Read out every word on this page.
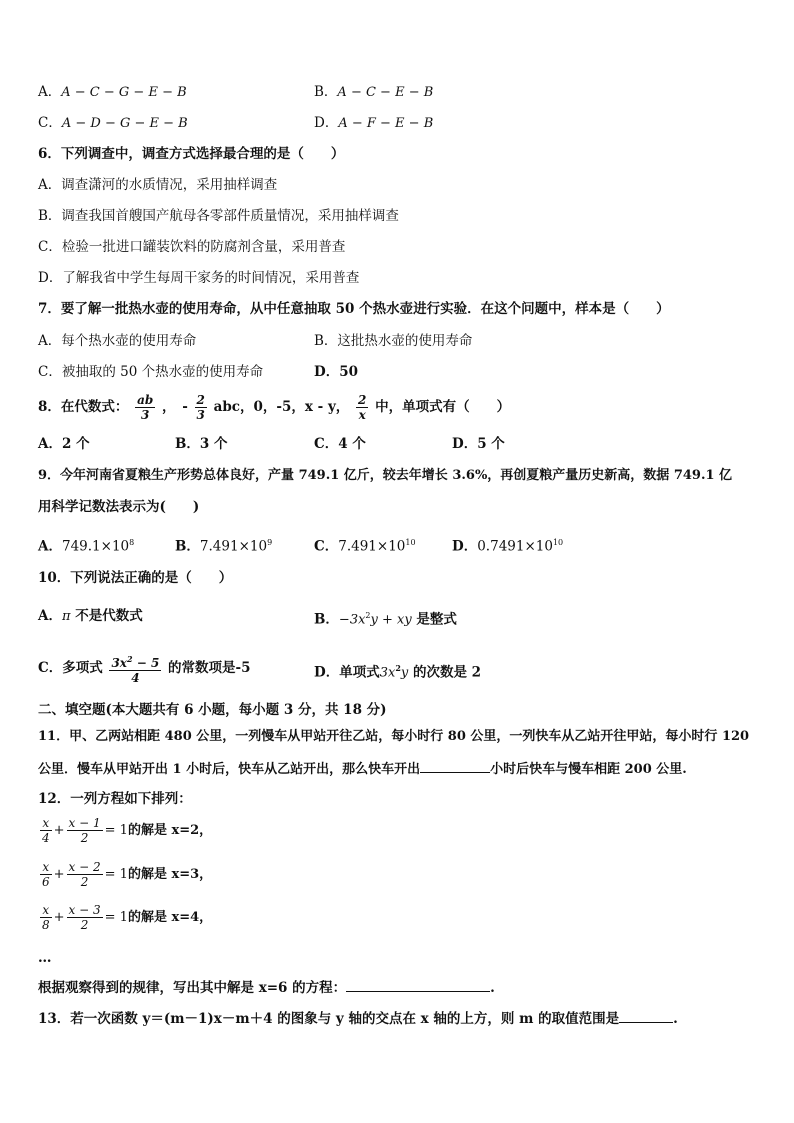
A．A − C − G − E − B	B．A − C − E − B
C．A − D − G − E − B	D．A − F − E − B
6．下列调查中，调查方式选择最合理的是（　　）
A．调查潇河的水质情况，采用抽样调查
B．调查我国首艘国产航母各零部件质量情况，采用抽样调查
C．检验一批进口罐装饮料的防腐剂含量，采用普查
D．了解我省中学生每周干家务的时间情况，采用普查
7．要了解一批热水壶的使用寿命，从中任意抽取 50 个热水壶进行实验．在这个问题中，样本是（　　）
A．每个热水壶的使用寿命	B．这批热水壶的使用寿命
C．被抽取的 50 个热水壶的使用寿命	D．50
8．在代数式： $\frac{ab}{3}$ ，　- $\frac{2}{3}$ abc，0，-5，x - y， $\frac{2}{x}$ 中，单项式有（　　）
A．2 个	B．3 个	C．4 个	D．5 个
9．今年河南省夏粮生产形势总体良好，产量 749.1 亿斤，较去年增长 3.6%，再创夏粮产量历史新高，数据 749.1 亿
用科学记数法表示为(　　)
A．$749.1\times 10^8$	B．$7.491\times 10^9$	C．$7.491\times 10^{10}$	D．$0.7491\times 10^{10}$
10．下列说法正确的是（　　）
A．π 不是代数式	B．$-3x^2y$ + xy 是整式
C．多项式 $\frac{3x^2 - 5}{4}$ 的常数项是-5	D．单项式$3x^2y$ 的次数是 2
二、填空题(本大题共有 6 小题，每小题 3 分，共 18 分)
11．甲、乙两站相距 480 公里，一列慢车从甲站开往乙站，每小时行 80 公里，一列快车从乙站开往甲站，每小时行 120
公里．慢车从甲站开出 1 小时后，快车从乙站开出，那么快车开出	小时后快车与慢车相距 200 公里.
12．一列方程如下排列：
$\frac{x}{4} + \frac{x - 1}{2} = 1$的解是 x=2，
$\frac{x}{6} + \frac{x - 2}{2} = 1$的解是 x=3，
$\frac{x}{8} + \frac{x - 3}{2} = 1$的解是 x=4，
…
根据观察得到的规律，写出其中解是 x=6 的方程：	.
13．若一次函数 y＝(m－1)x－m＋4 的图象与 y 轴的交点在 x 轴的上方，则 m 的取值范围是	.
